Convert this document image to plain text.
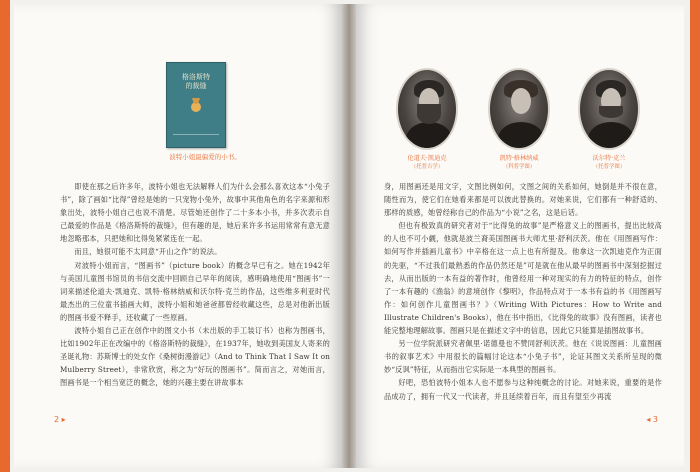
格洛斯特
的裁缝
波特小姐最偏爱的小书。

即使在那之后许多年，波特小姐也无法解释人们为什么会那么喜欢这本“小兔子书”，除了画如“比得”曾经是她的一只宠物小兔外，故事中其他角色的名字来源和形象出处，波特小姐自己也说不清楚。尽管她还创作了二十多本小书，并多次表示自己最爱的作品是《格洛斯特的裁缝》，但有趣的是，她后来许多书运用常常有意无意地忽略那本，只把她和比得兔紧紧连在一起。

而且，她很可能不太同意“开山之作”的说法。

对波特小姐而言，“图画书”（picture book）的概念早已有之。她在1942年与美国儿童图书馆员的书信交流中回顾自己早年的阅读，感明确地使用“图画书”一词来描述伦道夫·凯迪克、凯特·格林纳威和沃尔特·克兰的作品，这些维多利亚时代最杰出的三位童书插画大师，波特小姐和她爸爸都曾经收藏这些，总是对他新出版的图画书爱不释手，还收藏了一些原画。

波特小姐自己正在创作中的图文小书（未出版的手工装订书）也称为图画书，比如1902年正在改编中的《格洛斯特的裁缝》，在1937年，她收到美国友人寄来的圣诞礼物：苏斯博士的处女作《桑树街漫游记》（And to Think That I Saw It on Mulberry Street），非常欣赏，称之为“好玩的图画书”。简而言之，对她而言，图画书是一个相当宽泛的概念，她的兴趣主要在讲故事本

2 ▸
伦道夫·凯迪克
（托普吉学）
凯特·格林纳威
（科普学图）
沃尔特·克兰
（托普学图）

身，用图画还是用文字，文图比例如何，文图之间的关系如何，她倒是并不很在意，随性而为，使它们在她看来都是可以彼此替换的。对她来说，它们都有一种舒适的、那样的质感，她曾经称自己的作品为“小说”之名，这是后话。

但也有极致真的研究者对于“比得兔的故事”是严格意义上的图画书，提出比较高的人也不可小觑，他就是波兰裔美国图画书大师尤里·舒利沃茨。他在《用图画写作：如何写作并插画儿童书》中辛格在这一点上也有所提及。他拿这一次凯迪克作为正面的先驱，“不过我们最熟悉的作品仍然还是”可是就在他从最早的图画书中深刻挖掘过去，从而出版的一本有益的著作时，他曾经用一种对现实的有力的特征的特点，创作了一本有趣的《渔翁》的意境创作《黎明》，作品特点对于一本书有益的书《用图画写作：如何创作儿童图画书？》（Writing With Pictures：How to Write and Illustrate Children's Books），他在书中指出，《比得兔的故事》没有图画，读者也能完整地理解故事。图画只是在描述文字中的信息，因此它只能算是插图故事书。

另一位学院派研究者佩里·诺德曼也不赞同舒利沃茨。他在《说说图画：儿童图画书的叙事艺术》中用很长的篇幅讨论这本“小兔子书”，论证其图文关系所呈现的微妙“反讽”特征，从而指出它实际是一本典型的图画书。

好吧，恐怕波特小姐本人也不愿参与这种纯概念的讨论。对她来说，重要的是作品成功了，拥有一代又一代读者，并且延续着百年，而且有望至少再流

◂ 3
